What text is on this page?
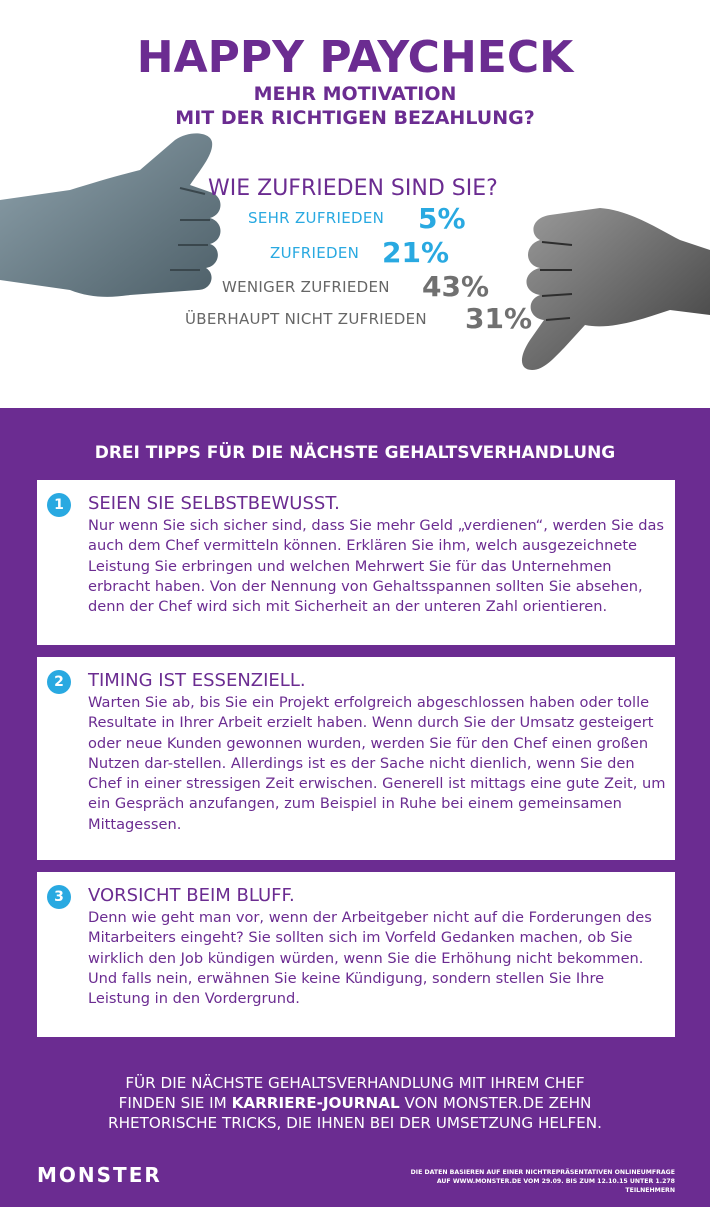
HAPPY PAYCHECK
MEHR MOTIVATION
MIT DER RICHTIGEN BEZAHLUNG?
WIE ZUFRIEDEN SIND SIE?
SEHR ZUFRIEDEN 5%
ZUFRIEDEN 21%
WENIGER ZUFRIEDEN 43%
ÜBERHAUPT NICHT ZUFRIEDEN 31%
DREI TIPPS FÜR DIE NÄCHSTE GEHALTSVERHANDLUNG
1	SEIEN SIE SELBSTBEWUSST.
Nur wenn Sie sich sicher sind, dass Sie mehr Geld „verdienen“, werden Sie das auch dem Chef vermitteln können. Erklären Sie ihm, welch ausgezeichnete Leistung Sie erbringen und welchen Mehrwert Sie für das Unternehmen erbracht haben. Von der Nennung von Gehaltsspannen sollten Sie absehen, denn der Chef wird sich mit Sicherheit an der unteren Zahl orientieren.
2	TIMING IST ESSENZIELL.
Warten Sie ab, bis Sie ein Projekt erfolgreich abgeschlossen haben oder tolle Resultate in Ihrer Arbeit erzielt haben. Wenn durch Sie der Umsatz gesteigert oder neue Kunden gewonnen wurden, werden Sie für den Chef einen großen Nutzen dar-stellen. Allerdings ist es der Sache nicht dienlich, wenn Sie den Chef in einer stressigen Zeit erwischen. Generell ist mittags eine gute Zeit, um ein Gespräch anzufangen, zum Beispiel in Ruhe bei einem gemeinsamen Mittagessen.
3	VORSICHT BEIM BLUFF.
Denn wie geht man vor, wenn der Arbeitgeber nicht auf die Forderungen des Mitarbeiters eingeht? Sie sollten sich im Vorfeld Gedanken machen, ob Sie wirklich den Job kündigen würden, wenn Sie die Erhöhung nicht bekommen. Und falls nein, erwähnen Sie keine Kündigung, sondern stellen Sie Ihre Leistung in den Vordergrund.
FÜR DIE NÄCHSTE GEHALTSVERHANDLUNG MIT IHREM CHEF
FINDEN SIE IM KARRIERE-JOURNAL VON MONSTER.DE ZEHN
RHETORISCHE TRICKS, DIE IHNEN BEI DER UMSETZUNG HELFEN.
MONSTER	DIE DATEN BASIEREN AUF EINER NICHTREPRÄSENTATIVEN ONLINEUMFRAGE
AUF WWW.MONSTER.DE VOM 29.09. BIS ZUM 12.10.15 UNTER 1.278 TEILNEHMERN
